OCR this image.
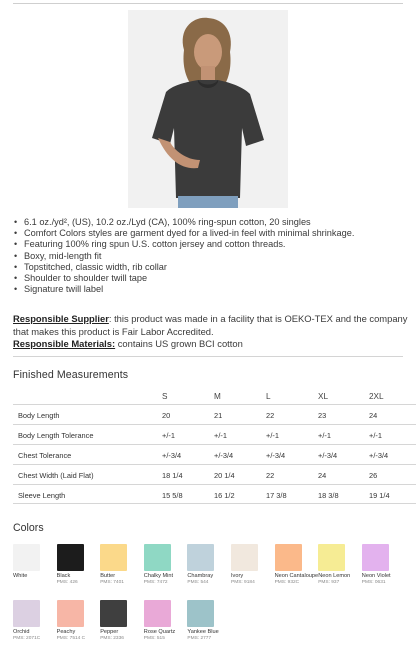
• 6.1 oz./yd², (US), 10.2 oz./Lyd (CA), 100% ring-spun cotton, 20 singles
• Comfort Colors styles are garment dyed for a lived-in feel with minimal shrinkage.
• Featuring 100% ring spun U.S. cotton jersey and cotton threads.
• Boxy, mid-length fit
• Topstitched, classic width, rib collar
• Shoulder to shoulder twill tape
• Signature twill label

Responsible Supplier: this product was made in a facility that is OEKO-TEX and the company that makes this product is Fair Labor Accredited.

Responsible Materials: contains US grown BCI cotton

Finished Measurements
S	M	L	XL	2XL
Body Length	20	21	22	23	24
Body Length Tolerance	+/-1	+/-1	+/-1	+/-1	+/-1
Chest Tolerance	+/-3/4	+/-3/4	+/-3/4	+/-3/4	+/-3/4
Chest Width (Laid Flat)	18 1/4	20 1/4	22	24	26
Sleeve Length	15 5/8	16 1/2	17 3/8	18 3/8	19 1/4
Colors
White	Black
PMS: 426
Butter
PMS: 7401
Chalky Mint
PMS: 7472
Chambray
PMS: 544
Ivory
PMS: 9184
Neon Cantaloupe
PMS: 932C
Neon Lemon
PMS: 937
Neon Violet
PMS: 0631
Orchid
PMS: 2071C
Peachy
PMS: 7514 C
Pepper
PMS: 2336
Rose Quartz
PMS: 515
Yankee Blue
PMS: 2777
